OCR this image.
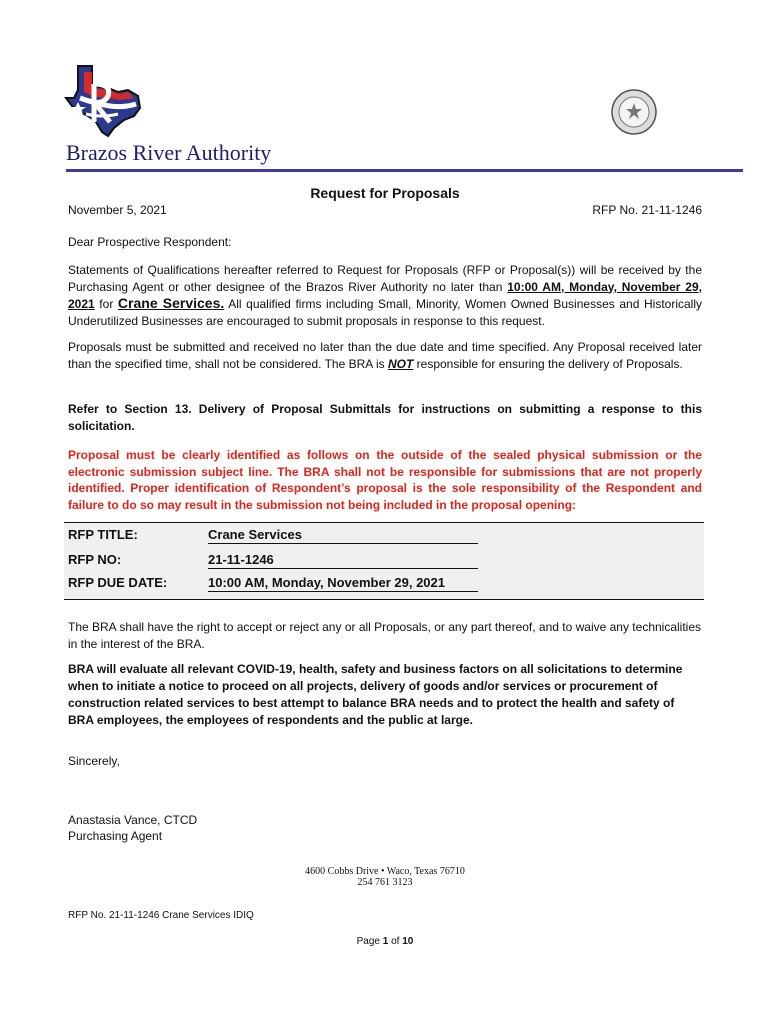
Brazos River Authority
Request for Proposals
November 5, 2021	RFP No. 21-11-1246
Dear Prospective Respondent:
Statements of Qualifications hereafter referred to Request for Proposals (RFP or Proposal(s)) will be received by the Purchasing Agent or other designee of the Brazos River Authority no later than 10:00 AM, Monday, November 29, 2021 for Crane Services. All qualified firms including Small, Minority, Women Owned Businesses and Historically Underutilized Businesses are encouraged to submit proposals in response to this request.
Proposals must be submitted and received no later than the due date and time specified. Any Proposal received later than the specified time, shall not be considered. The BRA is NOT responsible for ensuring the delivery of Proposals.
Refer to Section 13. Delivery of Proposal Submittals for instructions on submitting a response to this solicitation.
Proposal must be clearly identified as follows on the outside of the sealed physical submission or the electronic submission subject line. The BRA shall not be responsible for submissions that are not properly identified. Proper identification of Respondent’s proposal is the sole responsibility of the Respondent and failure to do so may result in the submission not being included in the proposal opening:
RFP TITLE:	Crane Services
RFP NO:	21-11-1246
RFP DUE DATE:	10:00 AM, Monday, November 29, 2021
The BRA shall have the right to accept or reject any or all Proposals, or any part thereof, and to waive any technicalities in the interest of the BRA.
BRA will evaluate all relevant COVID-19, health, safety and business factors on all solicitations to determine when to initiate a notice to proceed on all projects, delivery of goods and/or services or procurement of construction related services to best attempt to balance BRA needs and to protect the health and safety of BRA employees, the employees of respondents and the public at large.
Sincerely,
Anastasia Vance, CTCD
Purchasing Agent
4600 Cobbs Drive • Waco, Texas 76710
254 761 3123
RFP No. 21-11-1246 Crane Services IDIQ
Page 1 of 10
